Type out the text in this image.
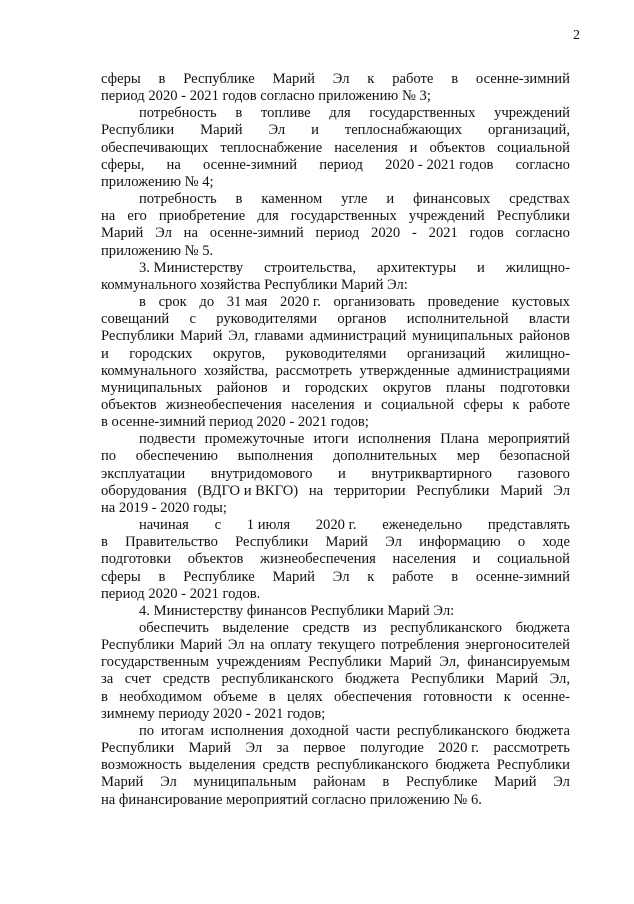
2
сферы в Республике Марий Эл к работе в осенне-зимний
период 2020 - 2021 годов согласно приложению № 3;
потребность в топливе для государственных учреждений
Республики Марий Эл и теплоснабжающих организаций,
обеспечивающих теплоснабжение населения и объектов социальной
сферы, на осенне-зимний период 2020 - 2021 годов согласно
приложению № 4;
потребность в каменном угле и финансовых средствах
на его приобретение для государственных учреждений Республики
Марий Эл на осенне-зимний период 2020 - 2021 годов согласно
приложению № 5.
3. Министерству строительства, архитектуры и жилищно-
коммунального хозяйства Республики Марий Эл:
в срок до 31 мая 2020 г. организовать проведение кустовых
совещаний с руководителями органов исполнительной власти
Республики Марий Эл, главами администраций муниципальных районов
и городских округов, руководителями организаций жилищно-
коммунального хозяйства, рассмотреть утвержденные администрациями
муниципальных районов и городских округов планы подготовки
объектов жизнеобеспечения населения и социальной сферы к работе
в осенне-зимний период 2020 - 2021 годов;
подвести промежуточные итоги исполнения Плана мероприятий
по обеспечению выполнения дополнительных мер безопасной
эксплуатации внутридомового и внутриквартирного газового
оборудования (ВДГО и ВКГО) на территории Республики Марий Эл
на 2019 - 2020 годы;
начиная с 1 июля 2020 г. еженедельно представлять
в Правительство Республики Марий Эл информацию о ходе
подготовки объектов жизнеобеспечения населения и социальной
сферы в Республике Марий Эл к работе в осенне-зимний
период 2020 - 2021 годов.
4. Министерству финансов Республики Марий Эл:
обеспечить выделение средств из республиканского бюджета
Республики Марий Эл на оплату текущего потребления энергоносителей
государственным учреждениям Республики Марий Эл, финансируемым
за счет средств республиканского бюджета Республики Марий Эл,
в необходимом объеме в целях обеспечения готовности к осенне-
зимнему периоду 2020 - 2021 годов;
по итогам исполнения доходной части республиканского бюджета
Республики Марий Эл за первое полугодие 2020 г. рассмотреть
возможность выделения средств республиканского бюджета Республики
Марий Эл муниципальным районам в Республике Марий Эл
на финансирование мероприятий согласно приложению № 6.
